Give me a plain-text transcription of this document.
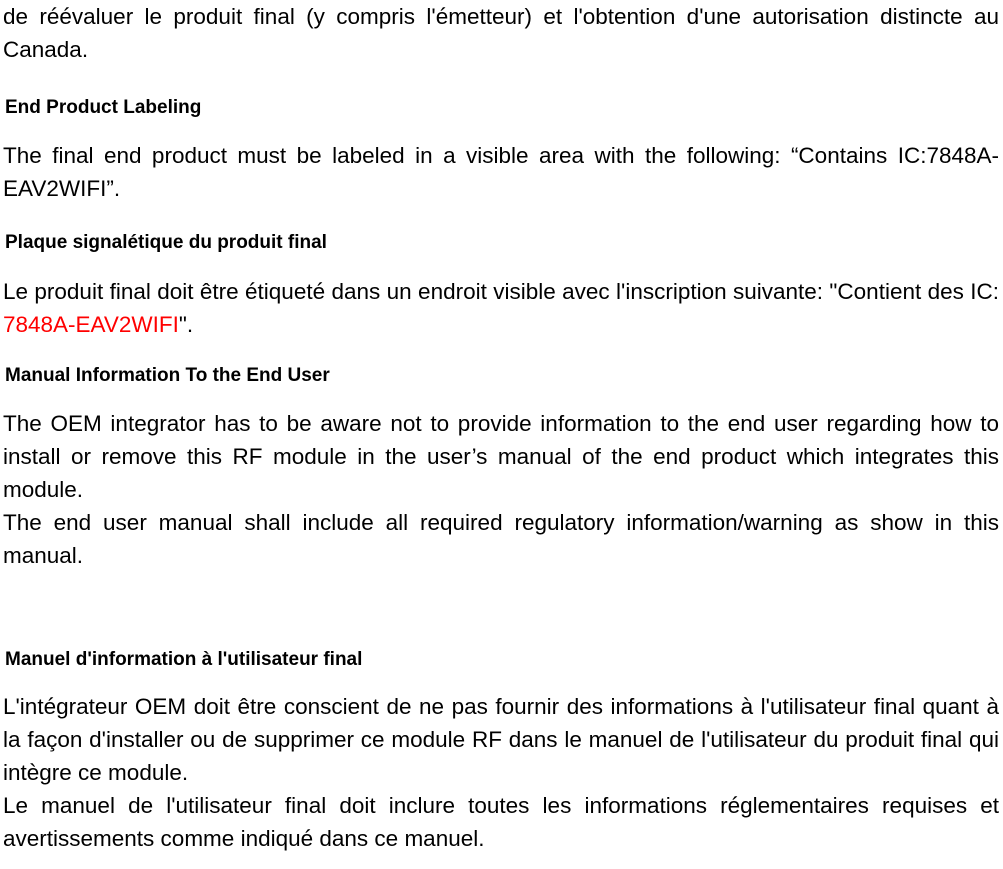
de réévaluer le produit final (y compris l'émetteur) et l'obtention d'une autorisation distincte au Canada.

End Product Labeling

The final end product must be labeled in a visible area with the following: “Contains IC:7848A-EAV2WIFI”.

Plaque signalétique du produit final

Le produit final doit être étiqueté dans un endroit visible avec l'inscription suivante: "Contient des IC: 7848A-EAV2WIFI".

Manual Information To the End User

The OEM integrator has to be aware not to provide information to the end user regarding how to install or remove this RF module in the user’s manual of the end product which integrates this module.

The end user manual shall include all required regulatory information/warning as show in this manual.

Manuel d'information à l'utilisateur final

L'intégrateur OEM doit être conscient de ne pas fournir des informations à l'utilisateur final quant à la façon d'installer ou de supprimer ce module RF dans le manuel de l'utilisateur du produit final qui intègre ce module.

Le manuel de l'utilisateur final doit inclure toutes les informations réglementaires requises et avertissements comme indiqué dans ce manuel.
